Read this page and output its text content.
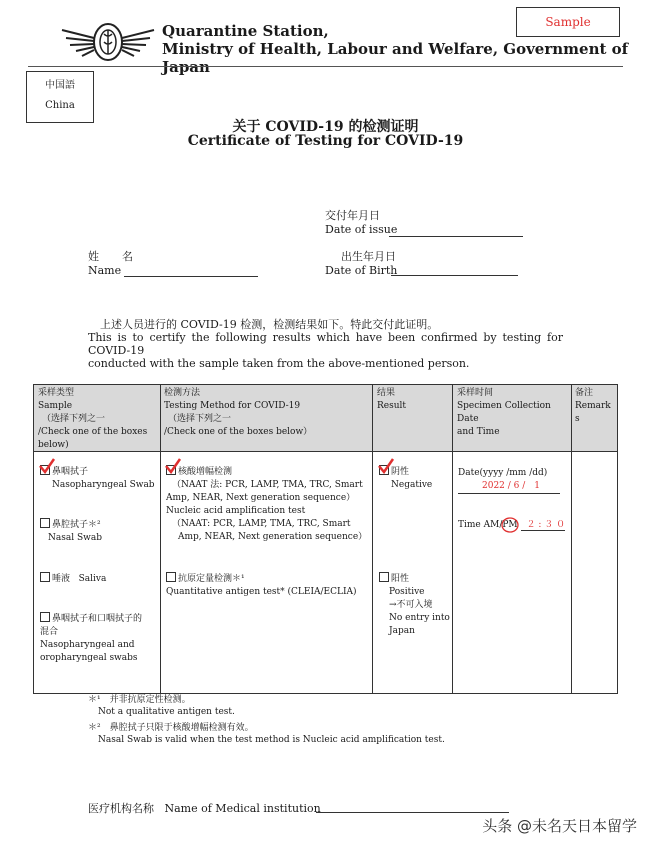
Quarantine Station,
Ministry of Health, Labour and Welfare, Government of Japan
Sample
中国語
China
关于 COVID-19 的检测证明
Certificate of Testing for COVID-19
交付年月日
Date of issue
姓　名
Name
出生年月日
Date of Birth
上述人员进行的 COVID-19 检测，检测结果如下。特此交付此证明。
This is to certify the following results which have been confirmed by testing for COVID-19
conducted with the sample taken from the above-mentioned person.
采样类型
Sample
（选择下列之一
/Check one of the boxes
below)
检测方法
Testing Method for COVID-19
（选择下列之一
/Check one of the boxes below）
结果
Result
采样时间
Specimen Collection Date
and Time
备注
Remark
s
鼻咽拭子
Nasopharyngeal Swab
鼻腔拭子＊²
Nasal Swab
唾液 Saliva
鼻咽拭子和口咽拭子的
混合
Nasopharyngeal and
oropharyngeal swabs
核酸增幅检测
（NAAT 法: PCR, LAMP, TMA, TRC, Smart
Amp, NEAR, Next generation sequence）
Nucleic acid amplification test
（NAAT: PCR, LAMP, TMA, TRC, Smart
Amp, NEAR, Next generation sequence）
抗原定量检测＊¹
Quantitative antigen test* (CLEIA/ECLIA)
阴性
Negative
阳性
Positive
→不可入境
No entry into
Japan
Date(yyyy /mm /dd)
2022 / 6 /　1
Time AM/PM ２ : ３ ０
＊¹　并非抗原定性检测。
Not a qualitative antigen test.
＊²　鼻腔拭子只限于核酸增幅检测有效。
Nasal Swab is valid when the test method is Nucleic acid amplification test.
医疗机构名称 Name of Medical institution
头条 @未名天日本留学
